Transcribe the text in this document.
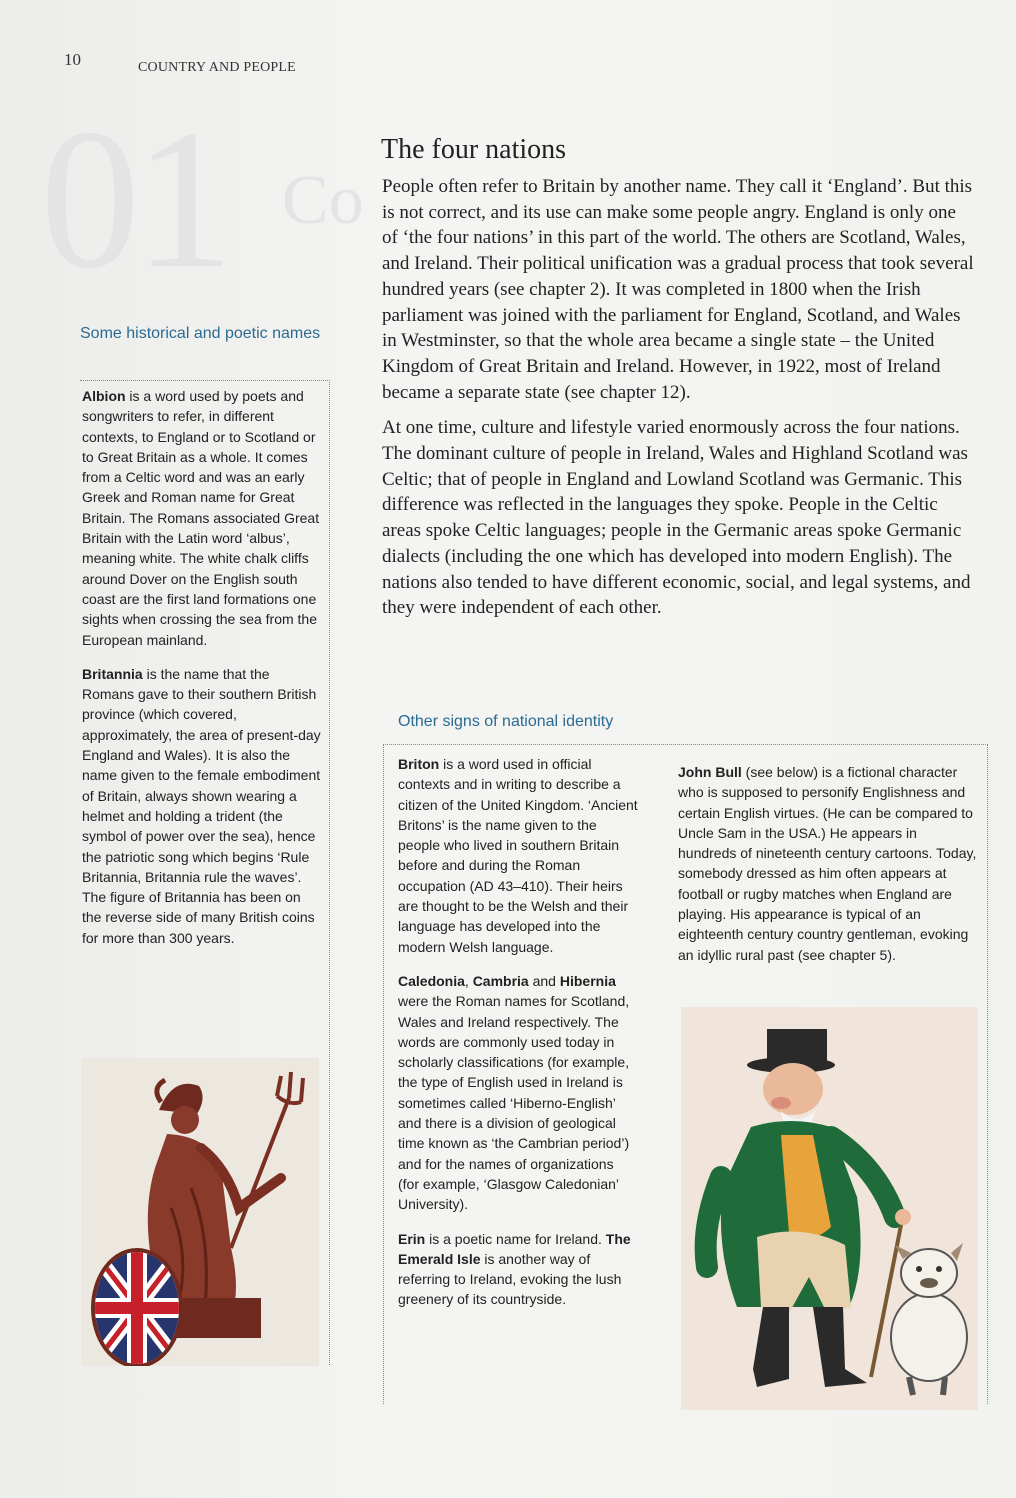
10	COUNTRY AND PEOPLE
01 Co
Some historical and poetic names

Albion is a word used by poets and songwriters to refer, in different contexts, to England or to Scotland or to Great Britain as a whole. It comes from a Celtic word and was an early Greek and Roman name for Great Britain. The Romans associated Great Britain with the Latin word ‘albus’, meaning white. The white chalk cliffs around Dover on the English south coast are the first land formations one sights when crossing the sea from the European mainland.

Britannia is the name that the Romans gave to their southern British province (which covered, approximately, the area of present-day England and Wales). It is also the name given to the female embodiment of Britain, always shown wearing a helmet and holding a trident (the symbol of power over the sea), hence the patriotic song which begins ‘Rule Britannia, Britannia rule the waves’. The figure of Britannia has been on the reverse side of many British coins for more than 300 years.

The four nations

People often refer to Britain by another name. They call it ‘England’. But this is not correct, and its use can make some people angry. England is only one of ‘the four nations’ in this part of the world. The others are Scotland, Wales, and Ireland. Their political unification was a gradual process that took several hundred years (see chapter 2). It was completed in 1800 when the Irish parliament was joined with the parliament for England, Scotland, and Wales in Westminster, so that the whole area became a single state – the United Kingdom of Great Britain and Ireland. However, in 1922, most of Ireland became a separate state (see chapter 12).

At one time, culture and lifestyle varied enormously across the four nations. The dominant culture of people in Ireland, Wales and Highland Scotland was Celtic; that of people in England and Lowland Scotland was Germanic. This difference was reflected in the languages they spoke. People in the Celtic areas spoke Celtic languages; people in the Germanic areas spoke Germanic dialects (including the one which has developed into modern English). The nations also tended to have different economic, social, and legal systems, and they were independent of each other.

Other signs of national identity

Briton is a word used in official contexts and in writing to describe a citizen of the United Kingdom. ‘Ancient Britons’ is the name given to the people who lived in southern Britain before and during the Roman occupation (AD 43–410). Their heirs are thought to be the Welsh and their language has developed into the modern Welsh language.

Caledonia, Cambria and Hibernia were the Roman names for Scotland, Wales and Ireland respectively. The words are commonly used today in scholarly classifications (for example, the type of English used in Ireland is sometimes called ‘Hiberno-English’ and there is a division of geological time known as ‘the Cambrian period’) and for the names of organizations (for example, ‘Glasgow Caledonian’ University).

Erin is a poetic name for Ireland. The Emerald Isle is another way of referring to Ireland, evoking the lush greenery of its countryside.

John Bull (see below) is a fictional character who is supposed to personify Englishness and certain English virtues. (He can be compared to Uncle Sam in the USA.) He appears in hundreds of nineteenth century cartoons. Today, somebody dressed as him often appears at football or rugby matches when England are playing. His appearance is typical of an eighteenth century country gentleman, evoking an idyllic rural past (see chapter 5).
